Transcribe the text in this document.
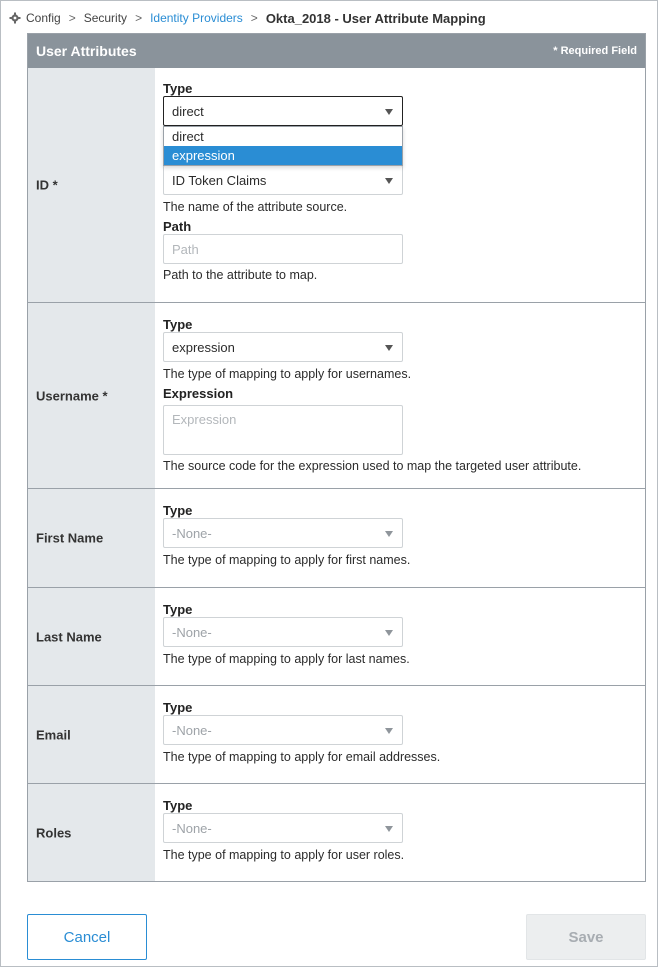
Config > Security > Identity Providers > Okta_2018 - User Attribute Mapping
User Attributes	* Required Field
ID *
Type
direct
ID Token Claims
The name of the attribute source.
Path
Path
Path to the attribute to map.
Username *
Type
expression
The type of mapping to apply for usernames.
Expression
Expression
The source code for the expression used to map the targeted user attribute.
First Name
Type
-None-
The type of mapping to apply for first names.
Last Name
Type
-None-
The type of mapping to apply for last names.
Email
Type
-None-
The type of mapping to apply for email addresses.
Roles
Type
-None-
The type of mapping to apply for user roles.
direct
expression
Cancel	Save
